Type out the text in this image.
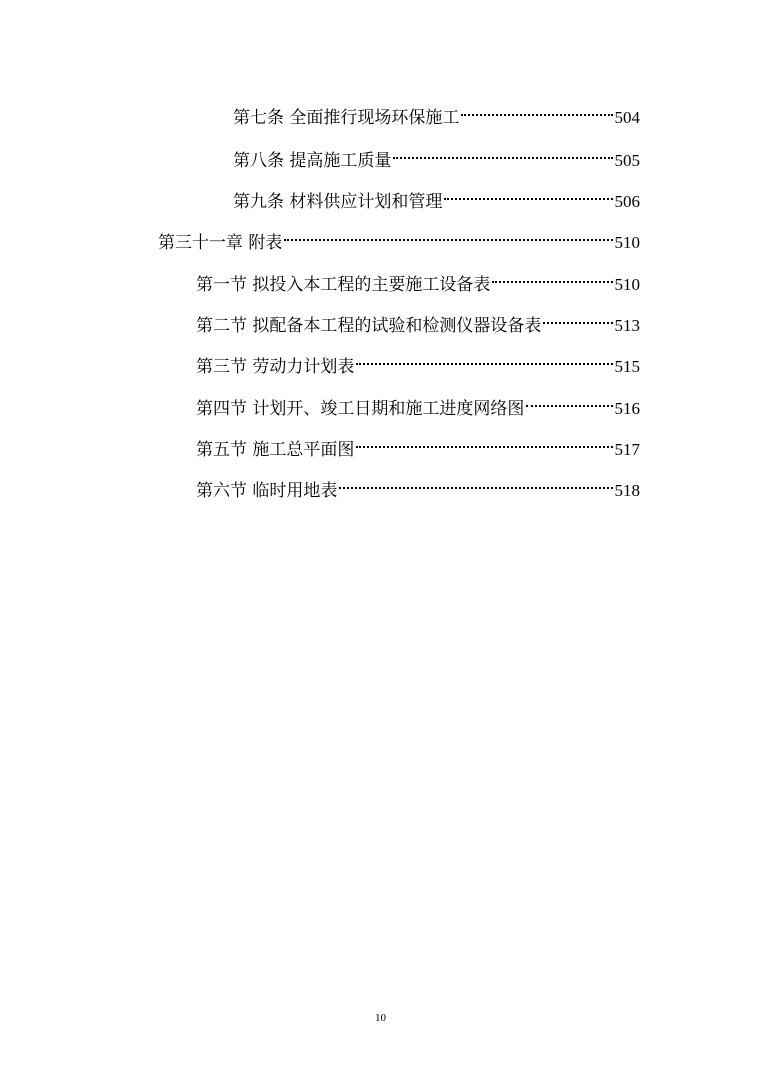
第七条 全面推行现场环保施工	504
第八条 提高施工质量	505
第九条 材料供应计划和管理	506
第三十一章 附表	510
第一节 拟投入本工程的主要施工设备表	510
第二节 拟配备本工程的试验和检测仪器设备表	513
第三节 劳动力计划表	515
第四节 计划开、竣工日期和施工进度网络图	516
第五节 施工总平面图	517
第六节 临时用地表	518
10
